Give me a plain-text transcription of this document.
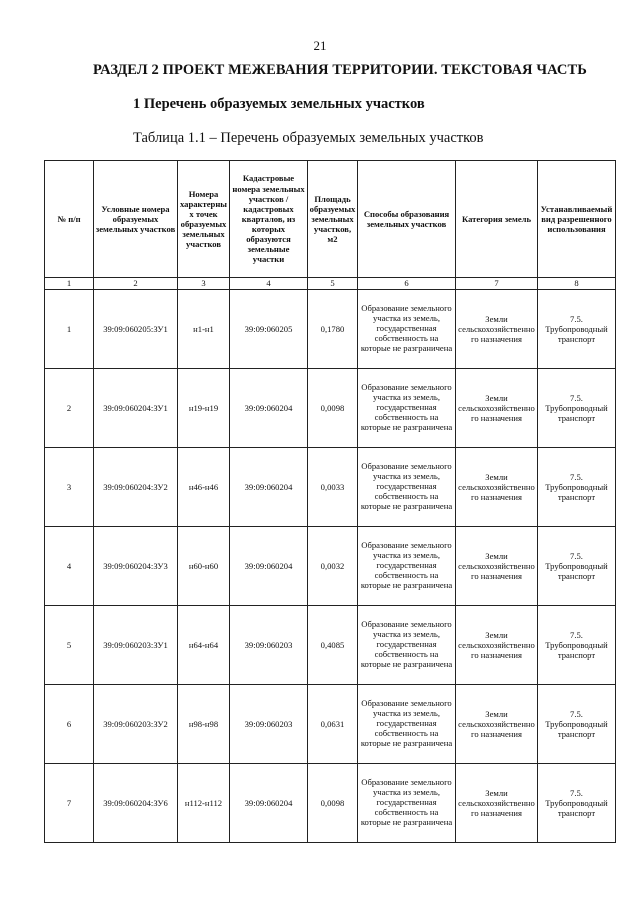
21
РАЗДЕЛ 2 ПРОЕКТ МЕЖЕВАНИЯ ТЕРРИТОРИИ. ТЕКСТОВАЯ ЧАСТЬ
1 Перечень образуемых земельных участков
Таблица 1.1 – Перечень образуемых земельных участков
№ п/п	Условные номера образуемых земельных участков	Номера характерных точек образуемых земельных участков	Кадастровые номера земельных участков / кадастровых кварталов, из которых образуются земельные участки	Площадь образуемых земельных участков, м2	Способы образования земельных участков	Категория земель	Устанавливаемый вид разрешенного использования
1	2	3	4	5	6	7	8
1	39:09:060205:ЗУ1	н1-н1	39:09:060205	0,1780	Образование земельного участка из земель, государственная собственность на которые не разграничена	Земли сельскохозяйственного назначения	7.5. Трубопроводный транспорт
2	39:09:060204:ЗУ1	н19-н19	39:09:060204	0,0098	Образование земельного участка из земель, государственная собственность на которые не разграничена	Земли сельскохозяйственного назначения	7.5. Трубопроводный транспорт
3	39:09:060204:ЗУ2	н46-н46	39:09:060204	0,0033	Образование земельного участка из земель, государственная собственность на которые не разграничена	Земли сельскохозяйственного назначения	7.5. Трубопроводный транспорт
4	39:09:060204:ЗУ3	н60-н60	39:09:060204	0,0032	Образование земельного участка из земель, государственная собственность на которые не разграничена	Земли сельскохозяйственного назначения	7.5. Трубопроводный транспорт
5	39:09:060203:ЗУ1	н64-н64	39:09:060203	0,4085	Образование земельного участка из земель, государственная собственность на которые не разграничена	Земли сельскохозяйственного назначения	7.5. Трубопроводный транспорт
6	39:09:060203:ЗУ2	н98-н98	39:09:060203	0,0631	Образование земельного участка из земель, государственная собственность на которые не разграничена	Земли сельскохозяйственного назначения	7.5. Трубопроводный транспорт
7	39:09:060204:ЗУ6	н112-н112	39:09:060204	0,0098	Образование земельного участка из земель, государственная собственность на которые не разграничена	Земли сельскохозяйственного назначения	7.5. Трубопроводный транспорт
